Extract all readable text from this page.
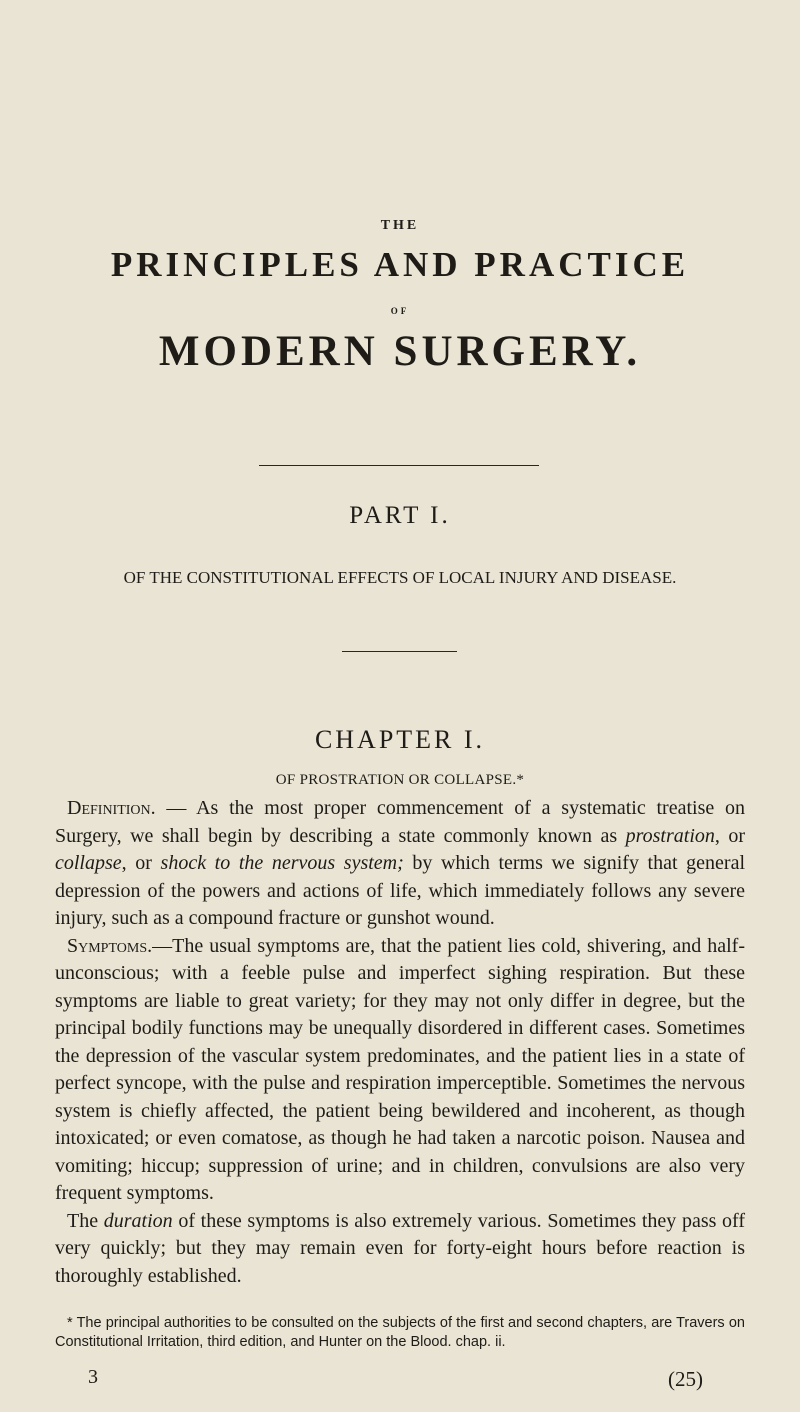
THE
PRINCIPLES AND PRACTICE
OF
MODERN SURGERY.
PART I.
OF THE CONSTITUTIONAL EFFECTS OF LOCAL INJURY AND DISEASE.
CHAPTER I.
OF PROSTRATION OR COLLAPSE.*

Definition. — As the most proper commencement of a systematic treatise on Surgery, we shall begin by describing a state commonly known as prostration, or collapse, or shock to the nervous system; by which terms we signify that general depression of the powers and actions of life, which immediately follows any severe injury, such as a compound fracture or gunshot wound.

Symptoms.—The usual symptoms are, that the patient lies cold, shivering, and half-unconscious; with a feeble pulse and imperfect sighing respiration. But these symptoms are liable to great variety; for they may not only differ in degree, but the principal bodily functions may be unequally disordered in different cases. Sometimes the depression of the vascular system predominates, and the patient lies in a state of perfect syncope, with the pulse and respiration imperceptible. Sometimes the nervous system is chiefly affected, the patient being bewildered and incoherent, as though intoxicated; or even comatose, as though he had taken a narcotic poison. Nausea and vomiting; hiccup; suppression of urine; and in children, convulsions are also very frequent symptoms.

The duration of these symptoms is also extremely various. Sometimes they pass off very quickly; but they may remain even for forty-eight hours before reaction is thoroughly established.

* The principal authorities to be consulted on the subjects of the first and second chapters, are Travers on Constitutional Irritation, third edition, and Hunter on the Blood. chap. ii.
3	(25)
